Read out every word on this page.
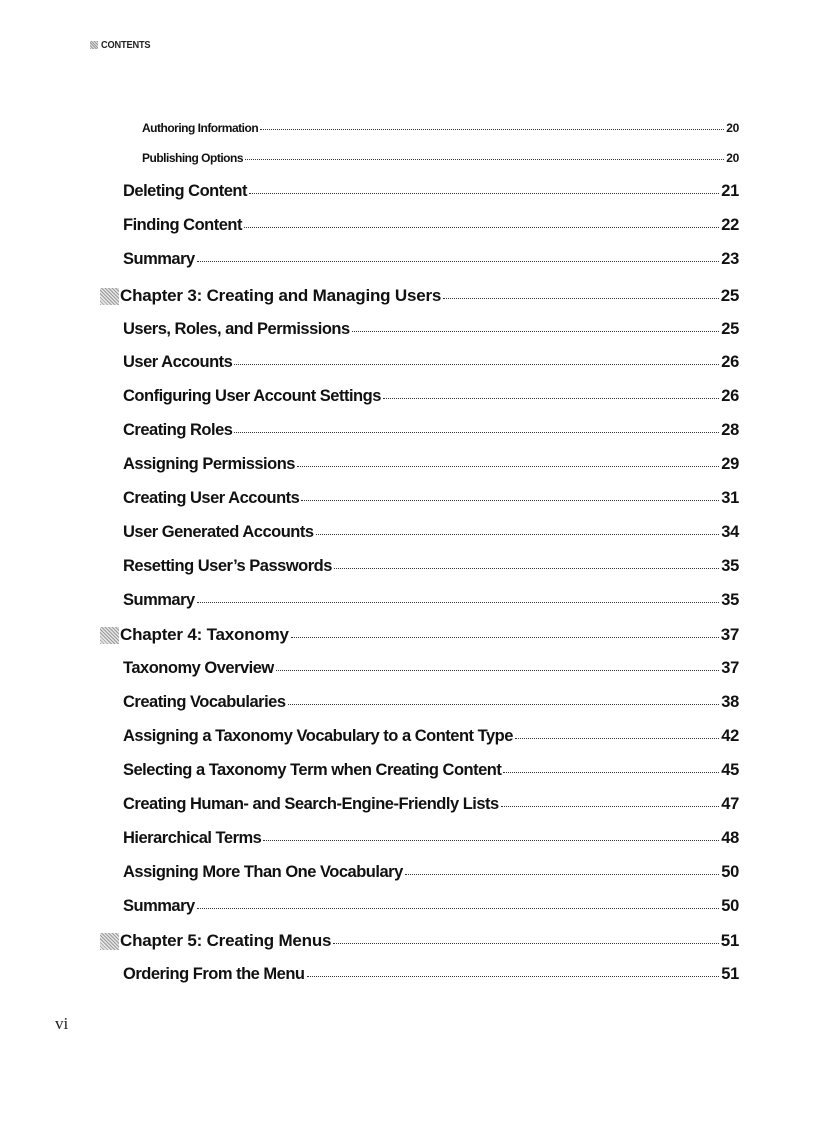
CONTENTS
Authoring Information	20
Publishing Options	20
Deleting Content	21
Finding Content	22
Summary	23
Chapter 3: Creating and Managing Users	25
Users, Roles, and Permissions	25
User Accounts	26
Configuring User Account Settings	26
Creating Roles	28
Assigning Permissions	29
Creating User Accounts	31
User Generated Accounts	34
Resetting User’s Passwords	35
Summary	35
Chapter 4: Taxonomy	37
Taxonomy Overview	37
Creating Vocabularies	38
Assigning a Taxonomy Vocabulary to a Content Type	42
Selecting a Taxonomy Term when Creating Content	45
Creating Human- and Search-Engine-Friendly Lists	47
Hierarchical Terms	48
Assigning More Than One Vocabulary	50
Summary	50
Chapter 5: Creating Menus	51
Ordering From the Menu	51
vi
